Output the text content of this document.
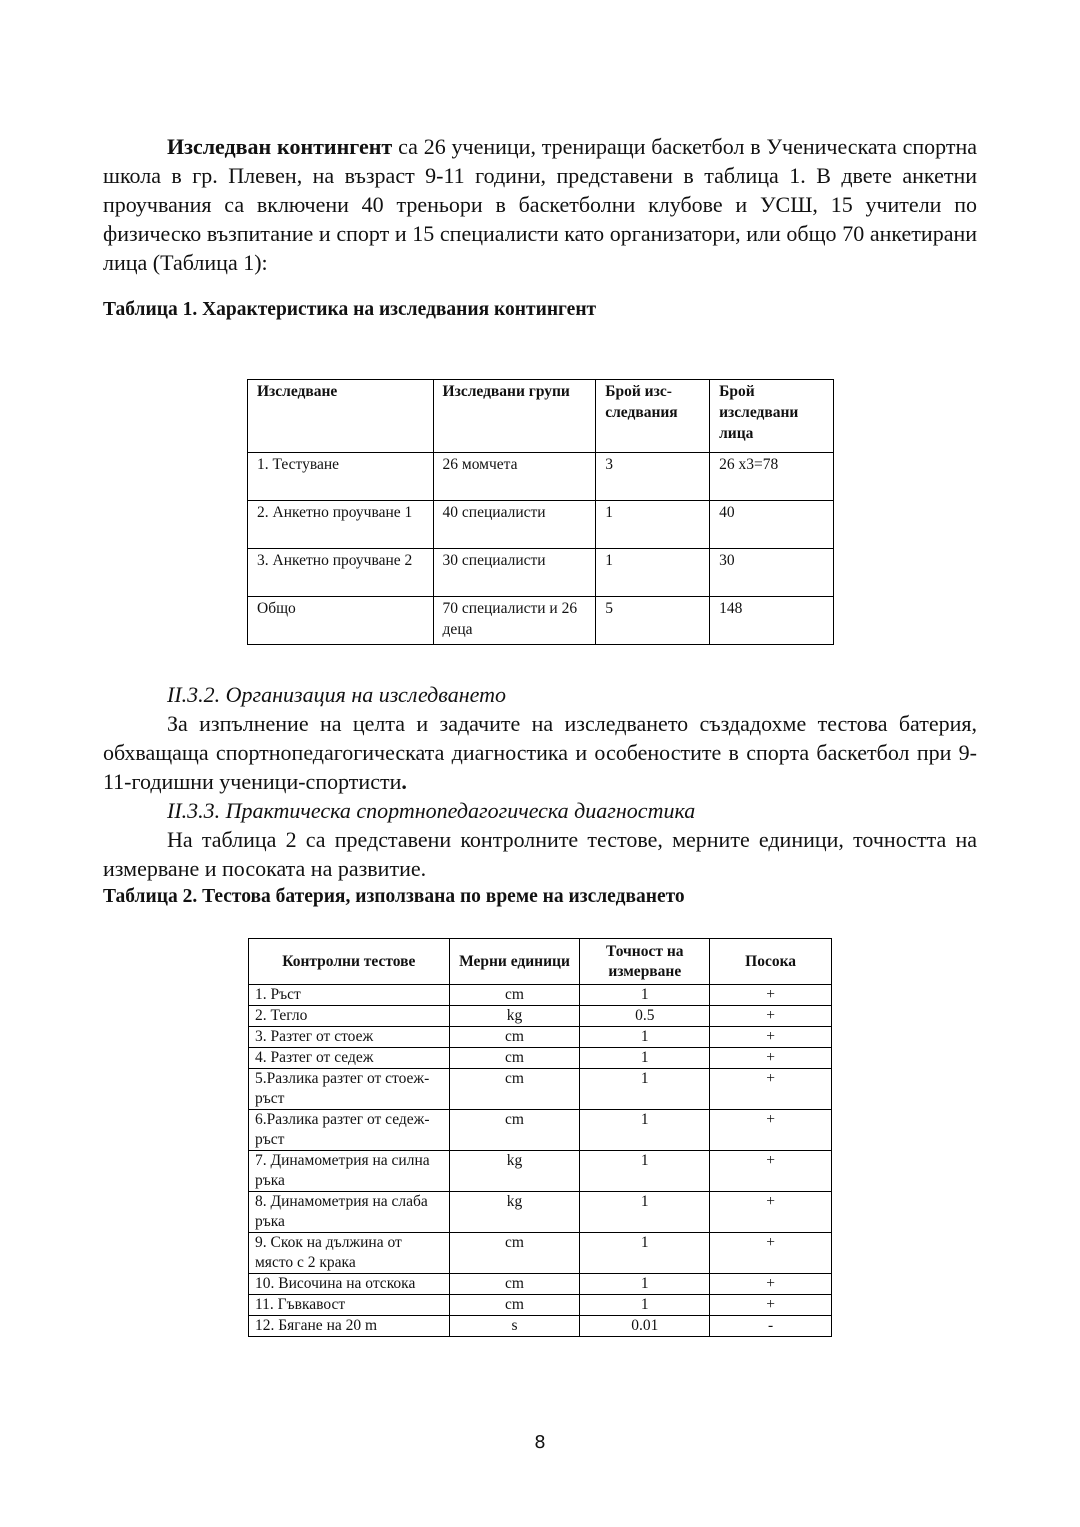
Изследван контингент са 26 ученици, трениращи баскетбол в Ученическата спортна школа в гр. Плевен, на възраст 9-11 години, представени в таблица 1. В двете анкетни проучвания са включени 40 треньори в баскетболни клубове и УСШ, 15 учители по физическо възпитание и спорт и 15 специалисти като организатори, или общо 70 анкетирани лица (Таблица 1):

Таблица 1. Характеристика на изследвания контингент

Изследване	Изследвани групи	Брой изс-следвания	Брой изследвани лица
1. Тестуване	26 момчета	3	26 x3=78
2. Анкетно проучване 1	40 специалисти	1	40
3. Анкетно проучване 2	30 специалисти	1	30
Общо	70 специалисти и 26 деца	5	148

II.3.2. Организация на изследването

За изпълнение на целта и задачите на изследването създадохме тестова батерия, обхващаща спортнопедагогическата диагностика и особеностите в спорта баскетбол при 9-11-годишни ученици-спортисти.

II.3.3. Практическа спортнопедагогическа диагностика

На таблица 2 са представени контролните тестове, мерните единици, точността на измерване и посоката на развитие.

Таблица 2. Тестова батерия, използвана по време на изследването

Контролни тестове	Мерни единици	Точност на измерване	Посока
1. Ръст	cm	1	+
2. Тегло	kg	0.5	+
3. Разтег от стоеж	cm	1	+
4. Разтег от седеж	cm	1	+
5.Разлика разтег от стоеж-ръст	cm	1	+
6.Разлика разтег от седеж-ръст	cm	1	+
7. Динамометрия на силна ръка	kg	1	+
8. Динамометрия на слаба ръка	kg	1	+
9. Скок на дължина от място с 2 крака	cm	1	+
10. Височина на отскока	cm	1	+
11. Гъвкавост	cm	1	+
12. Бягане на 20 m	s	0.01	-
8
